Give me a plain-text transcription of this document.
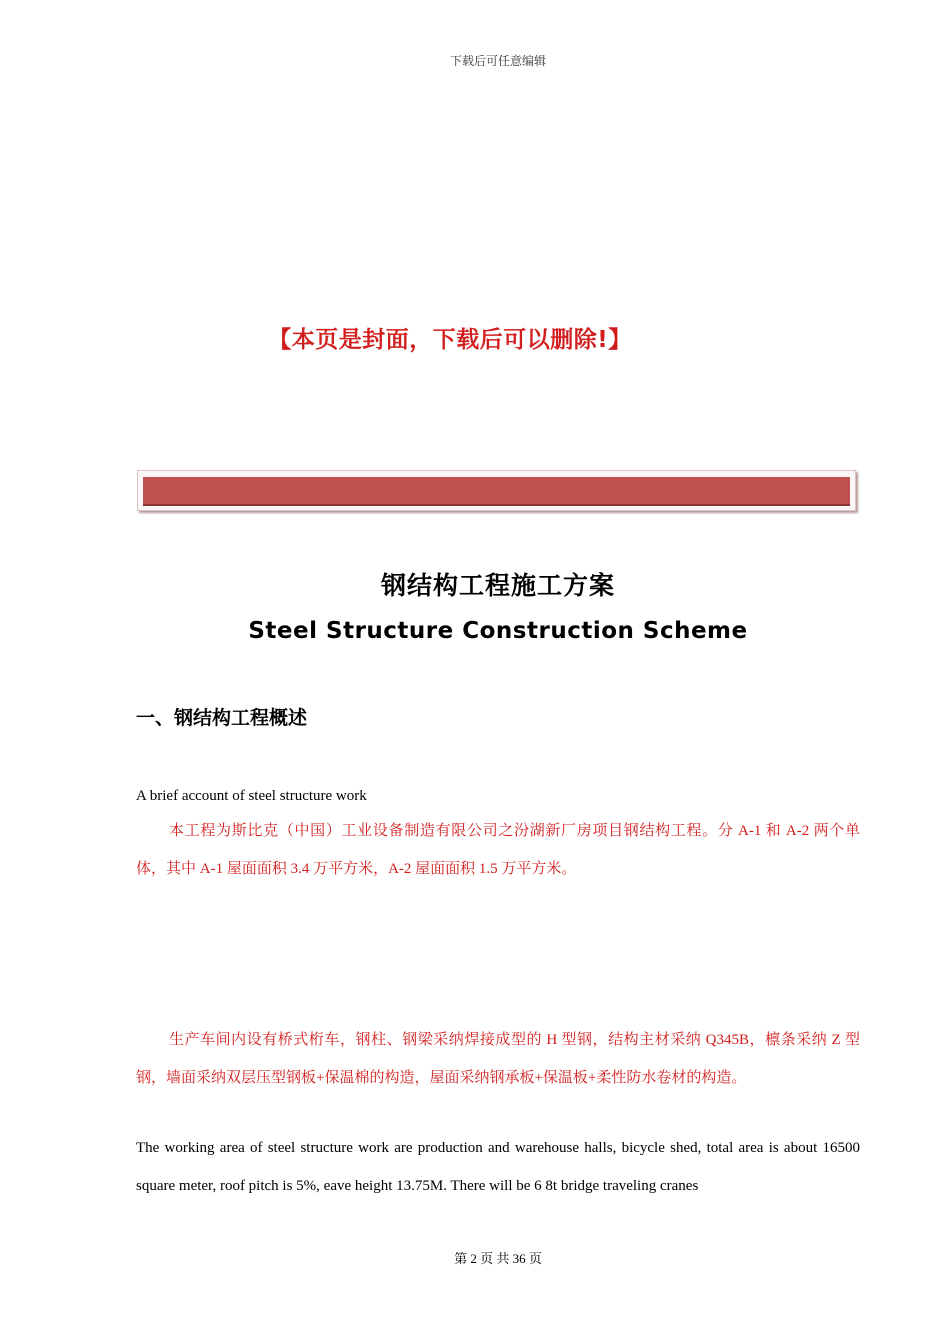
下载后可任意编辑
【本页是封面，下载后可以删除!】
钢结构工程施工方案
Steel Structure Construction Scheme
一、钢结构工程概述
A brief account of steel structure work

本工程为斯比克（中国）工业设备制造有限公司之汾湖新厂房项目钢结构工程。分 A-1 和 A-2 两个单体，其中 A-1 屋面面积 3.4 万平方米，A-2 屋面面积 1.5 万平方米。

生产车间内设有桥式桁车，钢柱、钢梁采纳焊接成型的 H 型钢，结构主材采纳 Q345B，檩条采纳 Z 型钢，墙面采纳双层压型钢板+保温棉的构造，屋面采纳钢承板+保温板+柔性防水卷材的构造。

The working area of steel structure work are production and warehouse halls, bicycle shed, total area is about 16500 square meter, roof pitch is 5%, eave height 13.75M. There will be 6 8t bridge traveling cranes

第 2 页 共 36 页
